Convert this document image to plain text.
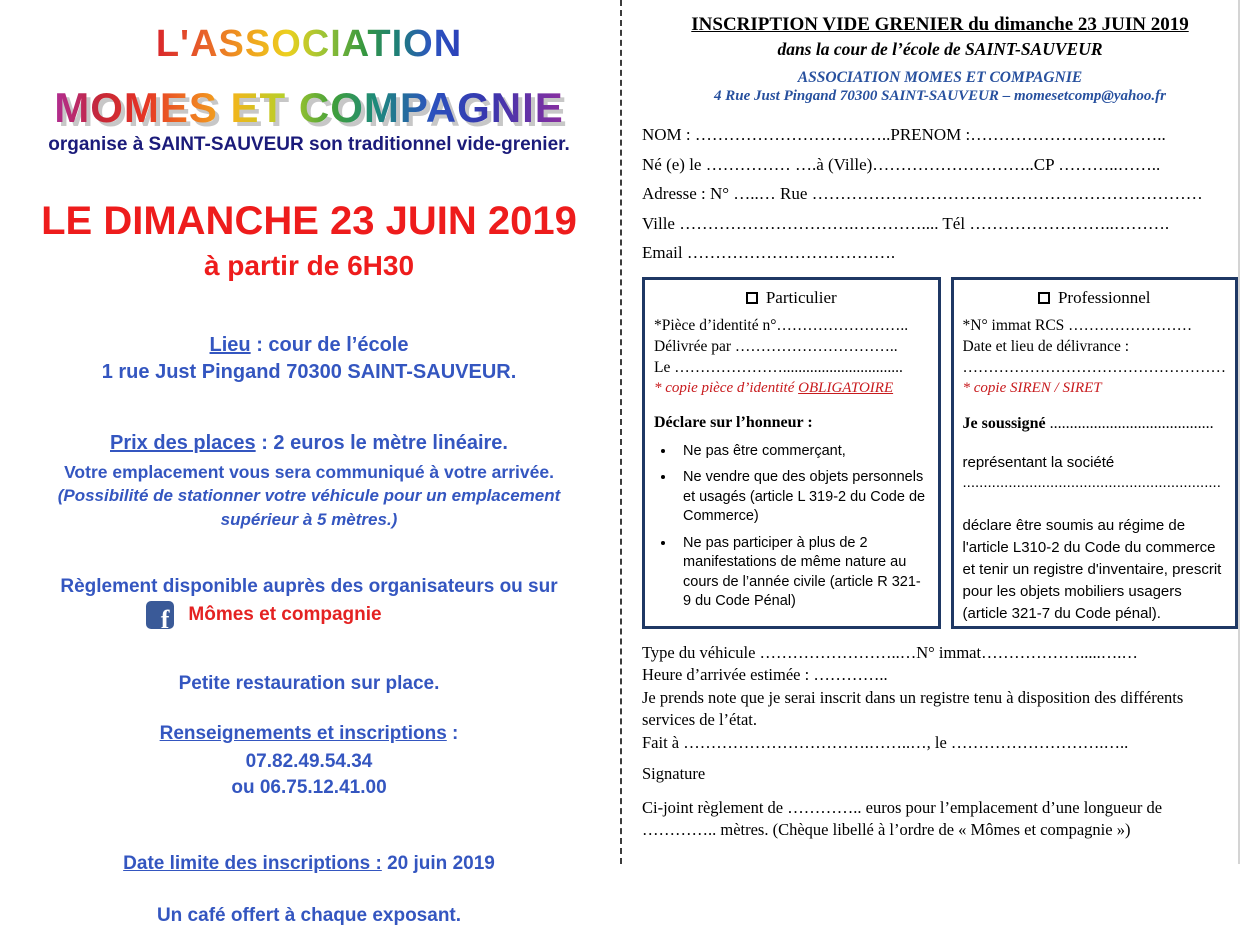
L'ASSOCIATION
MOMES ET COMPAGNIE
MOMES ET COMPAGNIE
organise à SAINT-SAUVEUR son traditionnel vide-grenier.
LE DIMANCHE 23 JUIN 2019
à partir de 6H30
Lieu : cour de l’école
1 rue Just Pingand 70300 SAINT-SAUVEUR.
Prix des places : 2 euros le mètre linéaire.
Votre emplacement vous sera communiqué à votre arrivée.
(Possibilité de stationner votre véhicule pour un emplacement supérieur à 5 mètres.)
Règlement disponible auprès des organisateurs ou sur
f Mômes et compagnie
Petite restauration sur place.
Renseignements et inscriptions :
07.82.49.54.34
ou 06.75.12.41.00
Date limite des inscriptions : 20 juin 2019
Un café offert à chaque exposant.
INSCRIPTION VIDE GRENIER du dimanche 23 JUIN 2019
dans la cour de l’école de SAINT-SAUVEUR
ASSOCIATION MOMES ET COMPAGNIE
4 Rue Just Pingand 70300 SAINT-SAUVEUR – momesetcomp@yahoo.fr
NOM : ……………………………..PRENOM :……………………………..
Né (e) le …………… ….à (Ville)………………………..CP ………..……..
Adresse : N° …..… Rue ……………………………………………………………
Ville ………………………….………….... Tél ……………………..……….
Email ……………………………….
Particulier
*Pièce d’identité n°……………………..
Délivrée par …………………………..
Le …………………...............................
* copie pièce d’identité OBLIGATOIRE
Déclare sur l’honneur :
• Ne pas être commerçant,
• Ne vendre que des objets personnels et usagés (article L 319-2 du Code de Commerce)
• Ne pas participer à plus de 2 manifestations de même nature au cours de l’année civile (article R 321-9 du Code Pénal)
Professionnel
*N° immat RCS ……………………
Date et lieu de délivrance :
……………………………………………
* copie SIREN / SIRET
Je soussigné .........................................
représentant la société
..............................................................
déclare être soumis au régime de l'article L310-2 du Code du commerce et tenir un registre d'inventaire, prescrit pour les objets mobiliers usagers (article 321-7 du Code pénal).
Type du véhicule ……………………..…N° immat……………….....….…
Heure d’arrivée estimée : …………..
Je prends note que je serai inscrit dans un registre tenu à disposition des différents services de l’état.
Fait à …………………………….……..…, le ……………………….…..
Signature
Ci-joint règlement de ………….. euros pour l’emplacement d’une longueur de ………….. mètres. (Chèque libellé à l’ordre de « Mômes et compagnie »)
